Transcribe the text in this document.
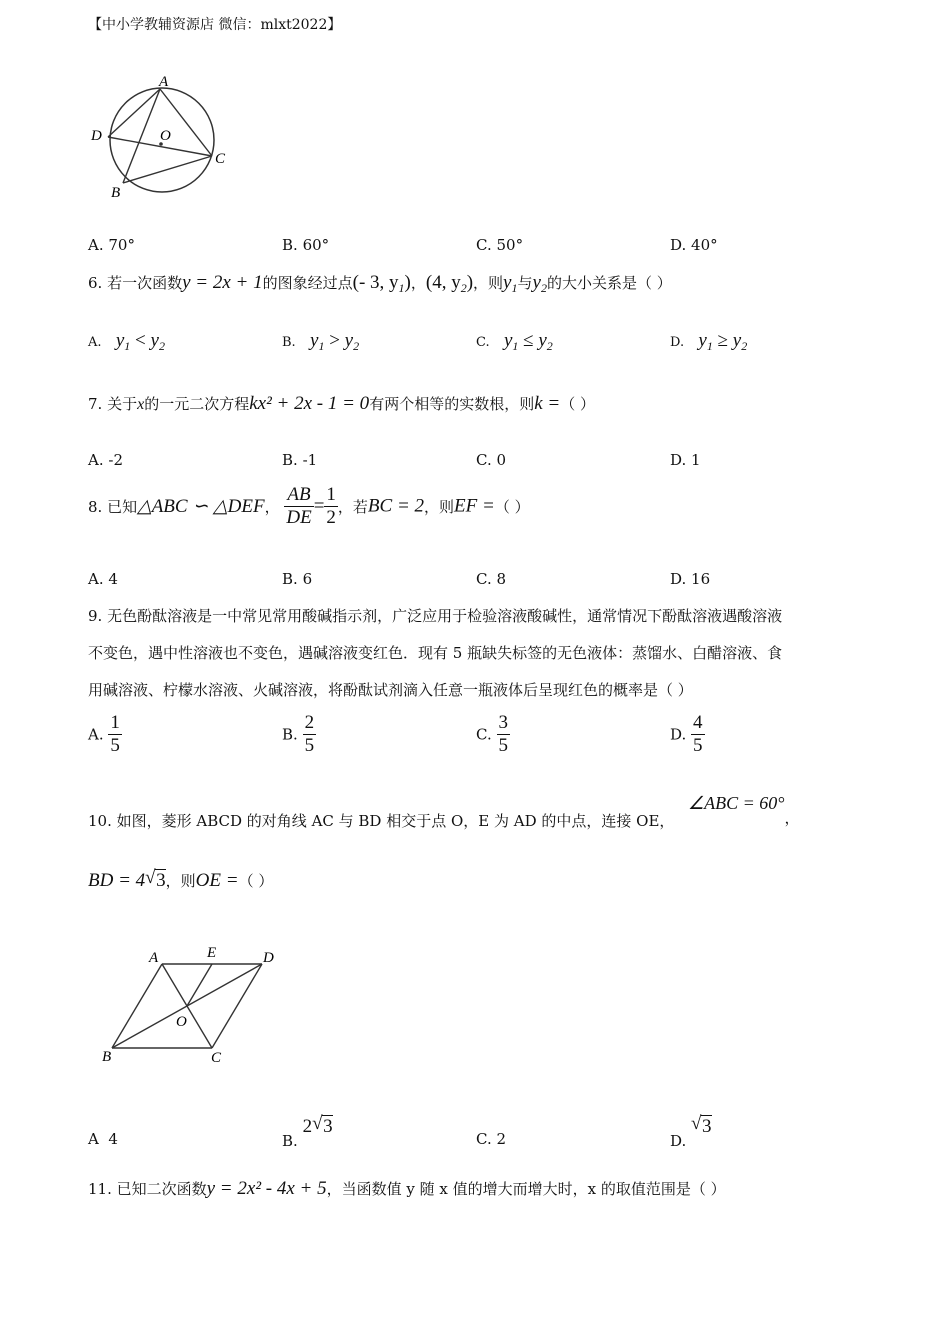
【中小学教辅资源店 微信：mlxt2022】
A
D	O
C
B
A. 70°	B. 60°	C. 50°	D. 40°
6. 若一次函数y = 2x + 1的图象经过点(- 3, $y_1$)，(4, $y_2$)，则$y_1$与$y_2$的大小关系是（ ）
A. $y_1 < y_2$	B. $y_1 > y_2$	C. $y_1 \le y_2$	D. $y_1 \ge y_2$
7. 关于x的一元二次方程kx² + 2x - 1 = 0有两个相等的实数根，则k =（ ）
A. -2	B. -1	C. 0	D. 1
8. 已知△ABC ∽ △DEF， $\frac{AB}{DE} = \frac{1}{2}$ ，若BC = 2，则EF =（ ）
A. 4	B. 6	C. 8	D. 16
9. 无色酚酞溶液是一中常见常用酸碱指示剂，广泛应用于检验溶液酸碱性，通常情况下酚酞溶液遇酸溶液
不变色，遇中性溶液也不变色，遇碱溶液变红色．现有 5 瓶缺失标签的无色液体：蒸馏水、白醋溶液、食
用碱溶液、柠檬水溶液、火碱溶液，将酚酞试剂滴入任意一瓶液体后呈现红色的概率是（ ）
A. $\frac{1}{5}$	B. $\frac{2}{5}$	C. $\frac{3}{5}$	D. $\frac{4}{5}$
10. 如图，菱形 ABCD 的对角线 AC 与 BD 相交于点 O，E 为 AD 的中点，连接 OE，
∠ABC = 60°，
BD = 4 √ 3，则OE =（ ）
A	E	D
O
B	C
A 4	B. 2 √ 3
C. 2	D.
√ 3
11. 已知二次函数y = 2x² - 4x + 5，当函数值 y 随 x 值的增大而增大时，x 的取值范围是（ ）
